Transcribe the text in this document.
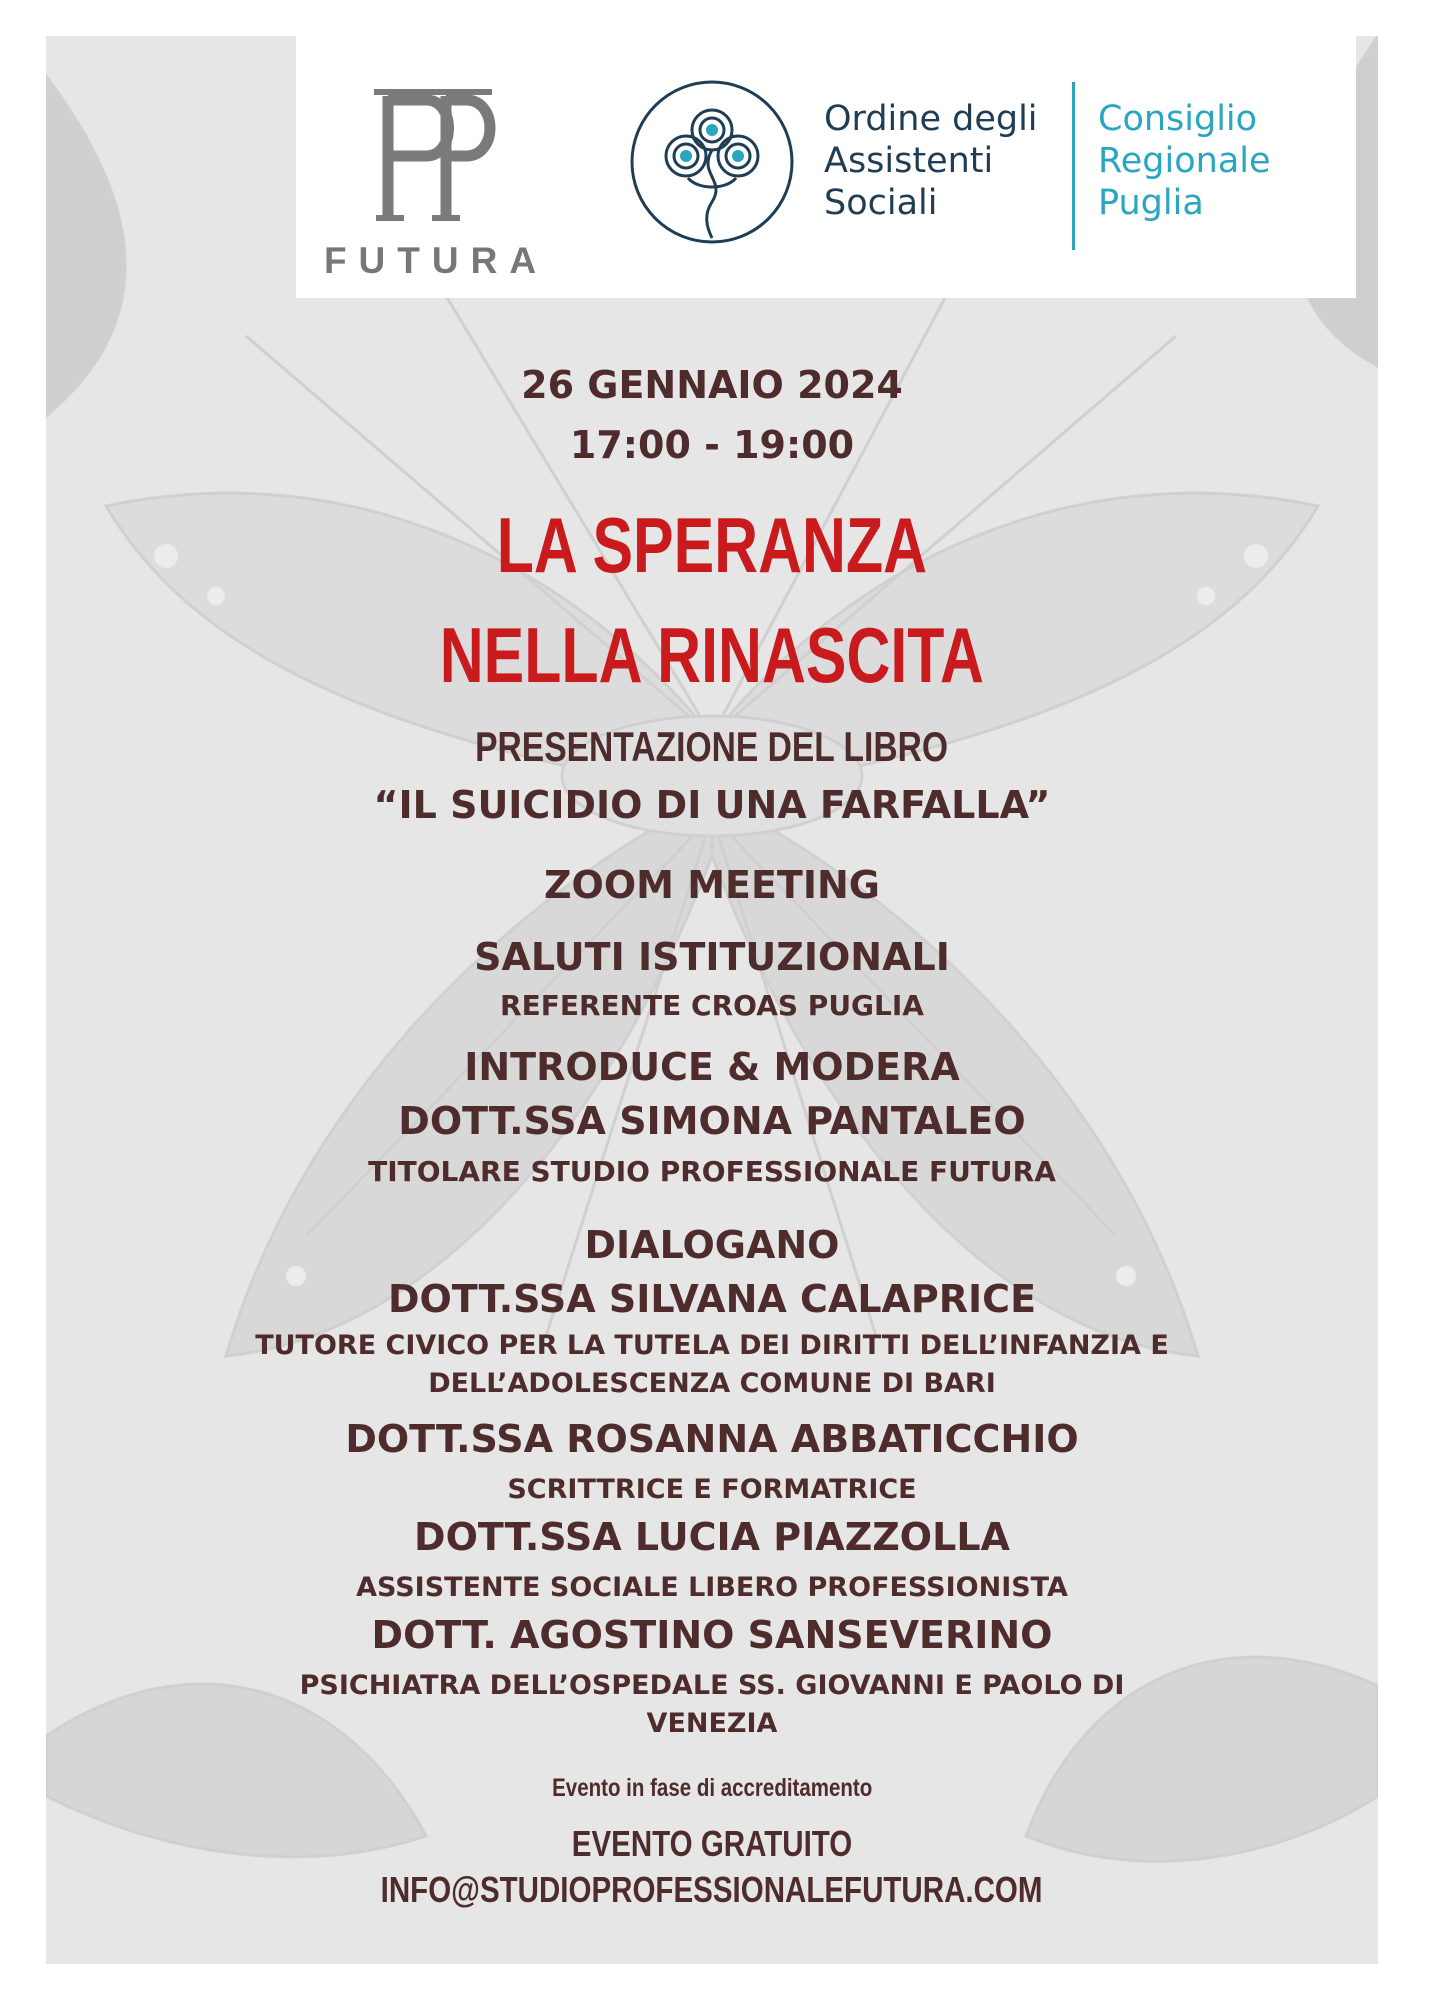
FUTURA
Ordine degli
Assistenti
Sociali
Consiglio
Regionale
Puglia
26 GENNAIO 2024
17:00 - 19:00
LA SPERANZA
NELLA RINASCITA
PRESENTAZIONE DEL LIBRO
“IL SUICIDIO DI UNA FARFALLA”
ZOOM MEETING
SALUTI ISTITUZIONALI
REFERENTE CROAS PUGLIA
INTRODUCE & MODERA
DOTT.SSA SIMONA PANTALEO
TITOLARE STUDIO PROFESSIONALE FUTURA
DIALOGANO
DOTT.SSA SILVANA CALAPRICE
TUTORE CIVICO PER LA TUTELA DEI DIRITTI DELL’INFANZIA E
DELL’ADOLESCENZA COMUNE DI BARI
DOTT.SSA ROSANNA ABBATICCHIO
SCRITTRICE E FORMATRICE
DOTT.SSA LUCIA PIAZZOLLA
ASSISTENTE SOCIALE LIBERO PROFESSIONISTA
DOTT. AGOSTINO SANSEVERINO
PSICHIATRA DELL’OSPEDALE SS. GIOVANNI E PAOLO DI
VENEZIA
Evento in fase di accreditamento
EVENTO GRATUITO
INFO@STUDIOPROFESSIONALEFUTURA.COM
